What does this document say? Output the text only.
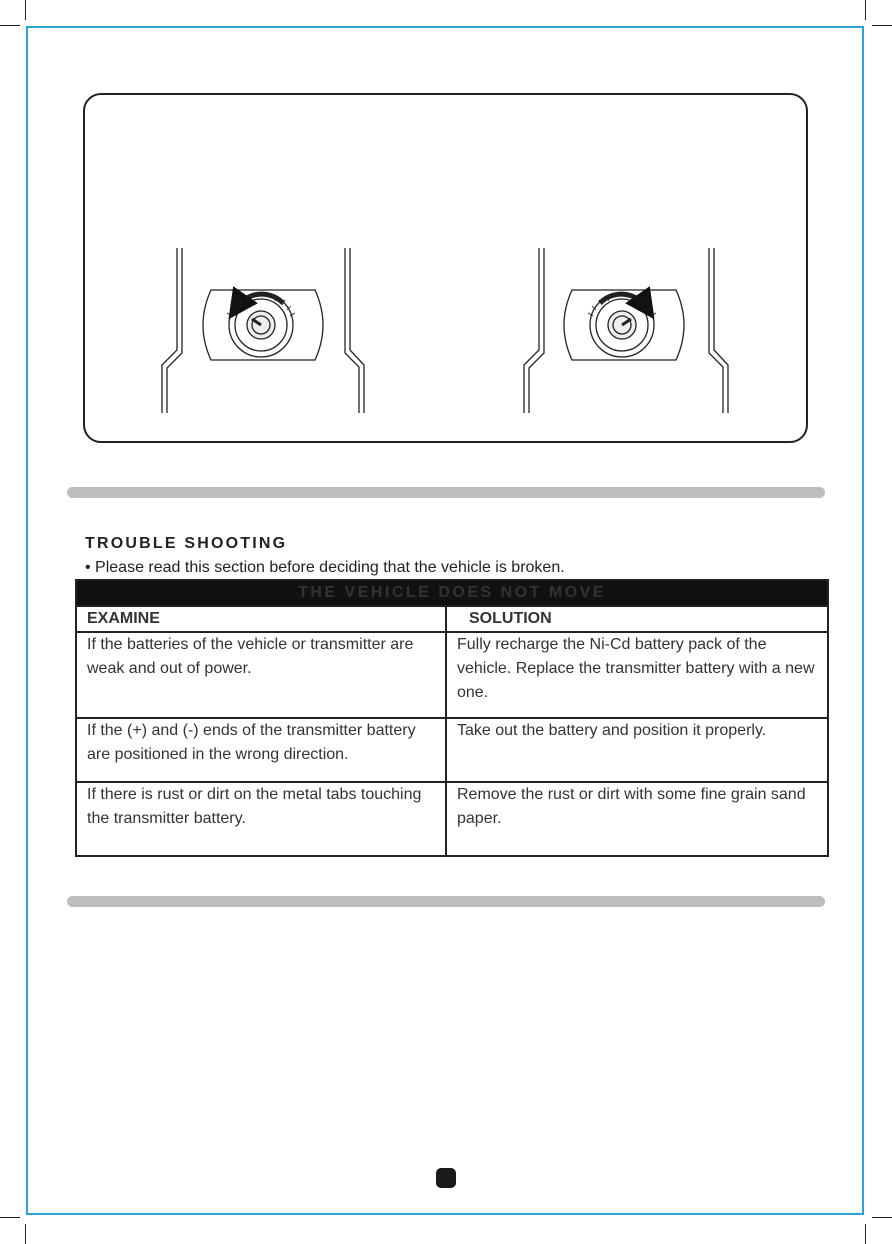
TROUBLE SHOOTING
• Please read this section before deciding that the vehicle is broken.
THE VEHICLE DOES NOT MOVE	
EXAMINE	SOLUTION
If the batteries of the vehicle or transmitter are weak and out of power.	Fully recharge the Ni-Cd battery pack of the vehicle. Replace the transmitter battery with a new one.
If the (+) and (-) ends of the transmitter battery are positioned in the wrong direction.	Take out the battery and position it properly.
If there is rust or dirt on the metal tabs touching the transmitter battery.	Remove the rust or dirt with some fine grain sand paper.
